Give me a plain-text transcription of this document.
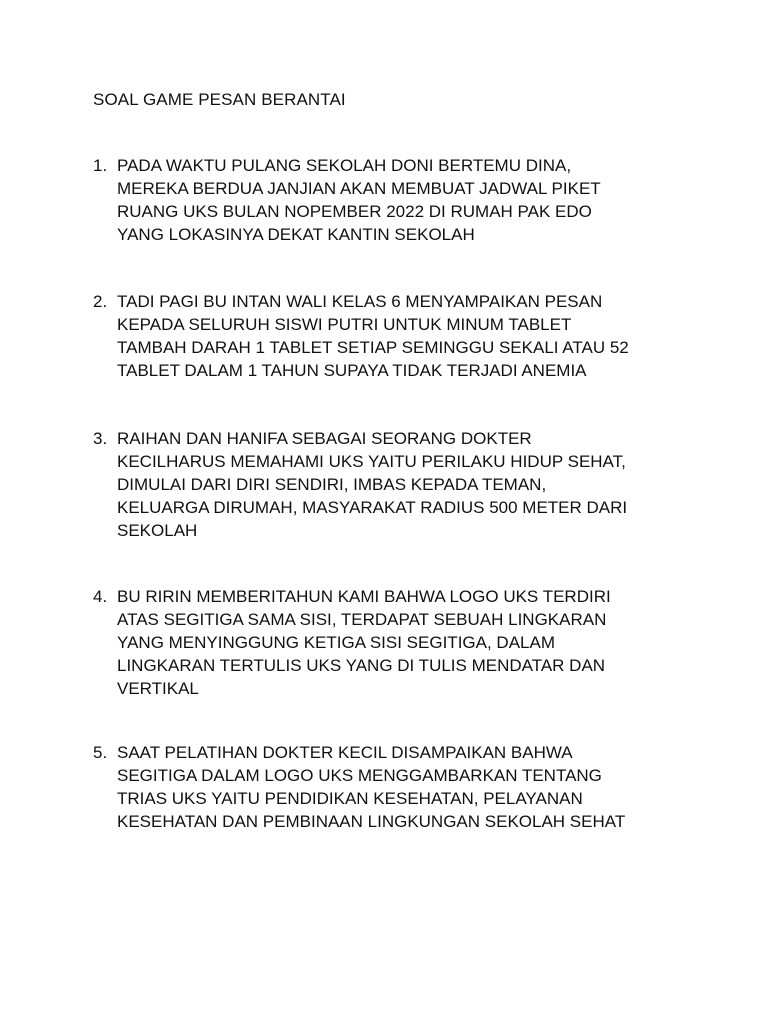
SOAL GAME PESAN BERANTAI
1. PADA WAKTU PULANG SEKOLAH DONI BERTEMU DINA,
MEREKA BERDUA JANJIAN AKAN MEMBUAT JADWAL PIKET
RUANG UKS BULAN NOPEMBER 2022 DI RUMAH PAK EDO
YANG LOKASINYA DEKAT KANTIN SEKOLAH
2. TADI PAGI BU INTAN WALI KELAS 6 MENYAMPAIKAN PESAN
KEPADA SELURUH SISWI PUTRI UNTUK MINUM TABLET
TAMBAH DARAH 1 TABLET SETIAP SEMINGGU SEKALI ATAU 52
TABLET DALAM 1 TAHUN SUPAYA TIDAK TERJADI ANEMIA
3. RAIHAN DAN HANIFA SEBAGAI SEORANG DOKTER
KECILHARUS MEMAHAMI UKS YAITU PERILAKU HIDUP SEHAT,
DIMULAI DARI DIRI SENDIRI, IMBAS KEPADA TEMAN,
KELUARGA DIRUMAH, MASYARAKAT RADIUS 500 METER DARI
SEKOLAH
4. BU RIRIN MEMBERITAHUN KAMI BAHWA LOGO UKS TERDIRI
ATAS SEGITIGA SAMA SISI, TERDAPAT SEBUAH LINGKARAN
YANG MENYINGGUNG KETIGA SISI SEGITIGA, DALAM
LINGKARAN TERTULIS UKS YANG DI TULIS MENDATAR DAN
VERTIKAL
5. SAAT PELATIHAN DOKTER KECIL DISAMPAIKAN BAHWA
SEGITIGA DALAM LOGO UKS MENGGAMBARKAN TENTANG
TRIAS UKS YAITU PENDIDIKAN KESEHATAN, PELAYANAN
KESEHATAN DAN PEMBINAAN LINGKUNGAN SEKOLAH SEHAT
